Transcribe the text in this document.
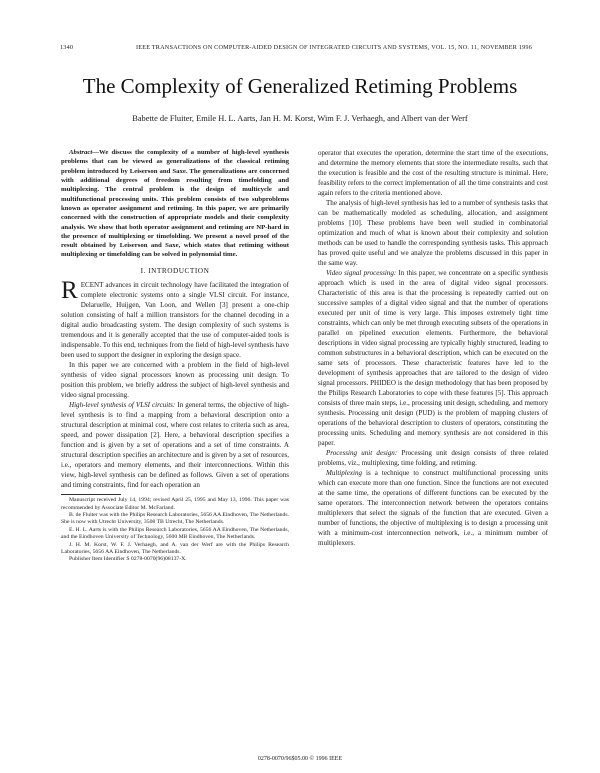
1340	IEEE TRANSACTIONS ON COMPUTER-AIDED DESIGN OF INTEGRATED CIRCUITS AND SYSTEMS, VOL. 15, NO. 11, NOVEMBER 1996
The Complexity of Generalized Retiming Problems
Babette de Fluiter, Emile H. L. Aarts, Jan H. M. Korst, Wim F. J. Verhaegh, and Albert van der Werf

Abstract—We discuss the complexity of a number of high-level synthesis problems that can be viewed as generalizations of the classical retiming problem introduced by Leiserson and Saxe. The generalizations are concerned with additional degrees of freedom resulting from timefolding and multiplexing. The central problem is the design of multicycle and multifunctional processing units. This problem consists of two subproblems known as operator assignment and retiming. In this paper, we are primarily concerned with the construction of appropriate models and their complexity analysis. We show that both operator assignment and retiming are NP-hard in the presence of multiplexing or timefolding. We present a novel proof of the result obtained by Leiserson and Saxe, which states that retiming without multiplexing or timefolding can be solved in polynomial time.

I. INTRODUCTION

RECENT advances in circuit technology have facilitated the integration of complete electronic systems onto a single VLSI circuit. For instance, Delaruelle, Huijgen, Van Loon, and Wellen [3] present a one-chip solution consisting of half a million transistors for the channel decoding in a digital audio broadcasting system. The design complexity of such systems is tremendous and it is generally accepted that the use of computer-aided tools is indispensable. To this end, techniques from the field of high-level synthesis have been used to support the designer in exploring the design space.

In this paper we are concerned with a problem in the field of high-level synthesis of video signal processors known as processing unit design. To position this problem, we briefly address the subject of high-level synthesis and video signal processing.

High-level synthesis of VLSI circuits: In general terms, the objective of high-level synthesis is to find a mapping from a behavioral description onto a structural description at minimal cost, where cost relates to criteria such as area, speed, and power dissipation [2]. Here, a behavioral description specifies a function and is given by a set of operations and a set of time constraints. A structural description specifies an architecture and is given by a set of resources, i.e., operators and memory elements, and their interconnections. Within this view, high-level synthesis can be defined as follows. Given a set of operations and timing constraints, find for each operation an

Manuscript received July 14, 1994; revised April 25, 1995 and May 13, 1996. This paper was recommended by Associate Editor M. McFarland.

B. de Fluiter was with the Philips Research Laboratories, 5656 AA Eindhoven, The Netherlands. She is now with Utrecht University, 3508 TB Utrecht, The Netherlands.

E. H. L. Aarts is with the Philips Research Laboratories, 5656 AA Eindhoven, The Netherlands, and the Eindhoven University of Technology, 5600 MB Eindhoven, The Netherlands.

J. H. M. Korst, W. F. J. Verhaegh, and A. van der Werf are with the Philips Research Laboratories, 5656 AA Eindhoven, The Netherlands.

Publisher Item Identifier S 0278-0070(96)08137-X.

operator that executes the operation, determine the start time of the executions, and determine the memory elements that store the intermediate results, such that the execution is feasible and the cost of the resulting structure is minimal. Here, feasibility refers to the correct implementation of all the time constraints and cost again refers to the criteria mentioned above.

The analysis of high-level synthesis has led to a number of synthesis tasks that can be mathematically modeled as scheduling, allocation, and assignment problems [10]. These problems have been well studied in combinatorial optimization and much of what is known about their complexity and solution methods can be used to handle the corresponding synthesis tasks. This approach has proved quite useful and we analyze the problems discussed in this paper in the same way.

Video signal processing: In this paper, we concentrate on a specific synthesis approach which is used in the area of digital video signal processors. Characteristic of this area is that the processing is repeatedly carried out on successive samples of a digital video signal and that the number of operations executed per unit of time is very large. This imposes extremely tight time constraints, which can only be met through executing subsets of the operations in parallel on pipelined execution elements. Furthermore, the behavioral descriptions in video signal processing are typically highly structured, leading to common substructures in a behavioral description, which can be executed on the same sets of processors. These characteristic features have led to the development of synthesis approaches that are tailored to the design of video signal processors. PHIDEO is the design methodology that has been proposed by the Philips Research Laboratories to cope with these features [5]. This approach consists of three main steps, i.e., processing unit design, scheduling, and memory synthesis. Processing unit design (PUD) is the problem of mapping clusters of operations of the behavioral description to clusters of operators, constituting the processing units. Scheduling and memory synthesis are not considered in this paper.

Processing unit design: Processing unit design consists of three related problems, viz., multiplexing, time folding, and retiming.

Multiplexing is a technique to construct multifunctional processing units which can execute more than one function. Since the functions are not executed at the same time, the operations of different functions can be executed by the same operators. The interconnection network between the operators contains multiplexers that select the signals of the function that are executed. Given a number of functions, the objective of multiplexing is to design a processing unit with a minimum-cost interconnection network, i.e., a minimum number of multiplexers.

0278-0070/96$05.00 © 1996 IEEE
